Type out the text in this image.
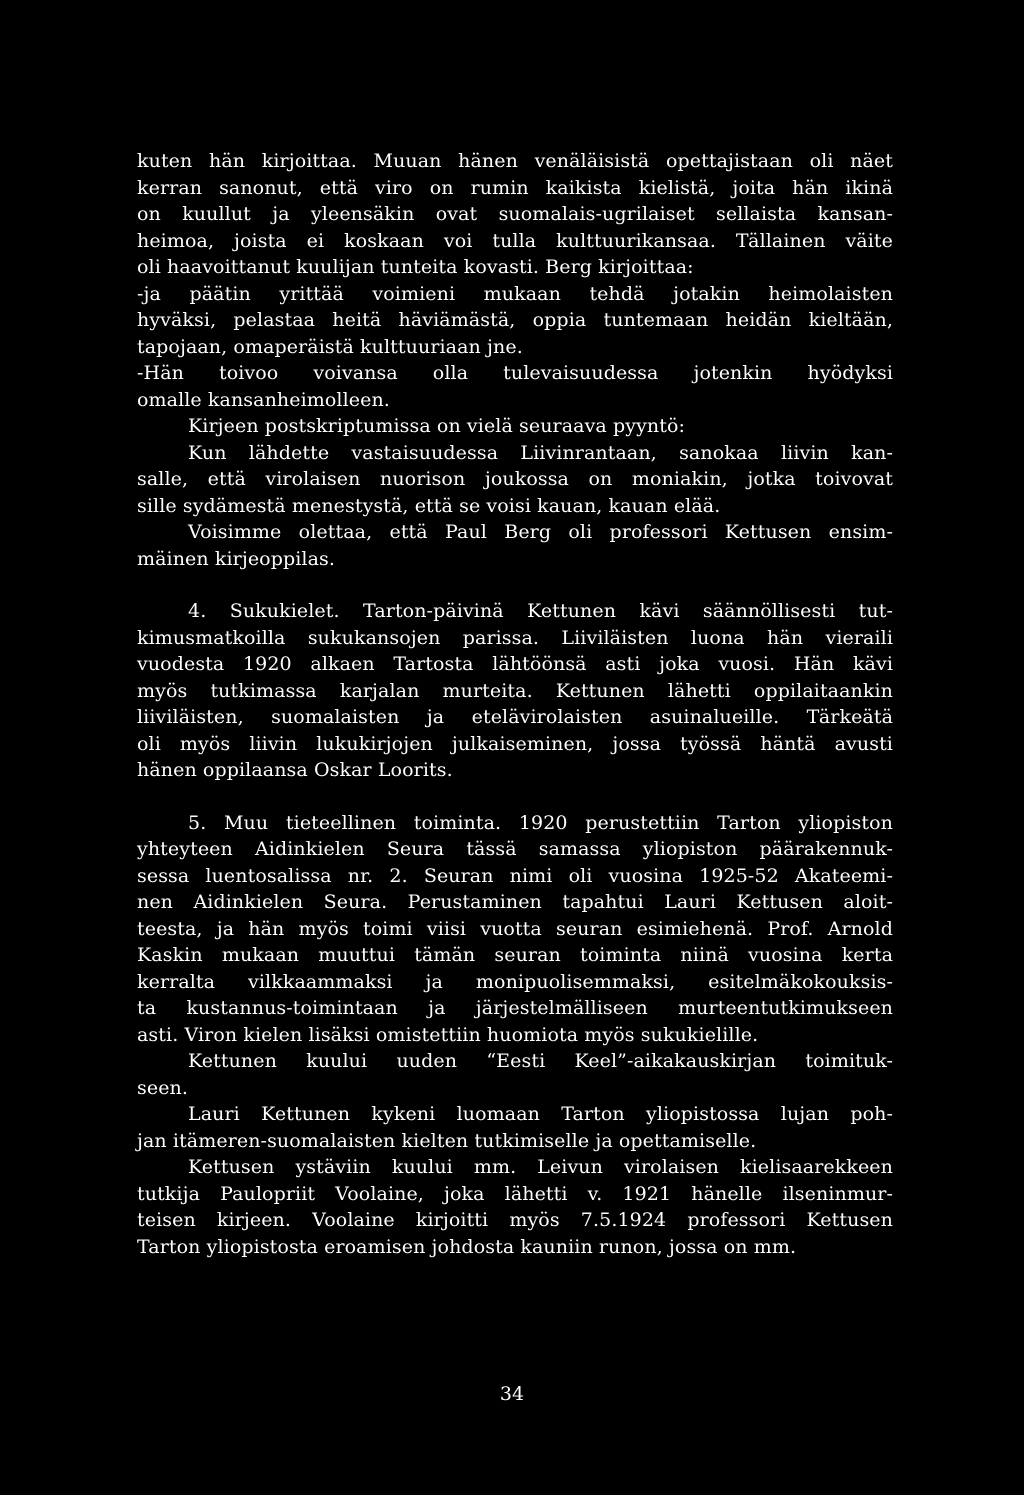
kuten hän kirjoittaa. Muuan hänen venäläisistä opettajistaan oli näet
kerran sanonut, että viro on rumin kaikista kielistä, joita hän ikinä
on kuullut ja yleensäkin ovat suomalais-ugrilaiset sellaista kansan-
heimoa, joista ei koskaan voi tulla kulttuurikansaa. Tällainen väite
oli haavoittanut kuulijan tunteita kovasti. Berg kirjoittaa:
-ja päätin yrittää voimieni mukaan tehdä jotakin heimolaisten
hyväksi, pelastaa heitä häviämästä, oppia tuntemaan heidän kieltään,
tapojaan, omaperäistä kulttuuriaan jne.
-Hän toivoo voivansa olla tulevaisuudessa jotenkin hyödyksi
omalle kansanheimolleen.
Kirjeen postskriptumissa on vielä seuraava pyyntö:
Kun lähdette vastaisuudessa Liivinrantaan, sanokaa liivin kan-
salle, että virolaisen nuorison joukossa on moniakin, jotka toivovat
sille sydämestä menestystä, että se voisi kauan, kauan elää.
Voisimme olettaa, että Paul Berg oli professori Kettusen ensim-
mäinen kirjeoppilas.
4. Sukukielet. Tarton-päivinä Kettunen kävi säännöllisesti tut-
kimusmatkoilla sukukansojen parissa. Liiviläisten luona hän vieraili
vuodesta 1920 alkaen Tartosta lähtöönsä asti joka vuosi. Hän kävi
myös tutkimassa karjalan murteita. Kettunen lähetti oppilaitaankin
liiviläisten, suomalaisten ja etelävirolaisten asuinalueille. Tärkeätä
oli myös liivin lukukirjojen julkaiseminen, jossa työssä häntä avusti
hänen oppilaansa Oskar Loorits.
5. Muu tieteellinen toiminta. 1920 perustettiin Tarton yliopiston
yhteyteen Aidinkielen Seura tässä samassa yliopiston päärakennuk-
sessa luentosalissa nr. 2. Seuran nimi oli vuosina 1925-52 Akateemi-
nen Aidinkielen Seura. Perustaminen tapahtui Lauri Kettusen aloit-
teesta, ja hän myös toimi viisi vuotta seuran esimiehenä. Prof. Arnold
Kaskin mukaan muuttui tämän seuran toiminta niinä vuosina kerta
kerralta vilkkaammaksi ja monipuolisemmaksi, esitelmäkokouksis-
ta kustannus-toimintaan ja järjestelmälliseen murteentutkimukseen
asti. Viron kielen lisäksi omistettiin huomiota myös sukukielille.
Kettunen kuului uuden “Eesti Keel”-aikakauskirjan toimituk-
seen.
Lauri Kettunen kykeni luomaan Tarton yliopistossa lujan poh-
jan itämeren-suomalaisten kielten tutkimiselle ja opettamiselle.
Kettusen ystäviin kuului mm. Leivun virolaisen kielisaarekkeen
tutkija Paulopriit Voolaine, joka lähetti v. 1921 hänelle ilseninmur-
teisen kirjeen. Voolaine kirjoitti myös 7.5.1924 professori Kettusen
Tarton yliopistosta eroamisen johdosta kauniin runon, jossa on mm.
34
